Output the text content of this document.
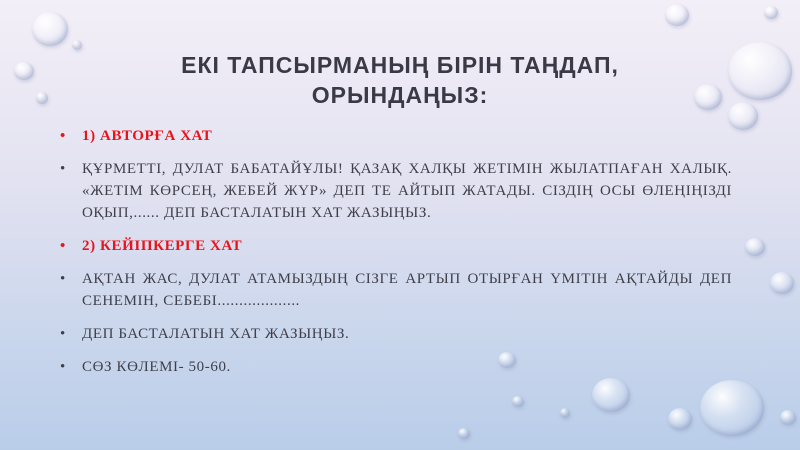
ЕКІ ТАПСЫРМАНЫҢ БІРІН ТАҢДАП, ОРЫНДАҢЫЗ:
• 1) АВТОРҒА ХАТ
• ҚҰРМЕТТІ, ДУЛАТ БАБАТАЙҰЛЫ! ҚАЗАҚ ХАЛҚЫ ЖЕТІМІН ЖЫЛАТПАҒАН ХАЛЫҚ. «ЖЕТІМ КӨРСЕҢ, ЖЕБЕЙ ЖҮР» ДЕП ТЕ АЙТЫП ЖАТАДЫ. СІЗДІҢ ОСЫ ӨЛЕҢІҢІЗДІ ОҚЫП,...... ДЕП БАСТАЛАТЫН ХАТ ЖАЗЫҢЫЗ.
• 2) КЕЙІПКЕРГЕ ХАТ
• АҚТАН ЖАС, ДУЛАТ АТАМЫЗДЫҢ СІЗГЕ АРТЫП ОТЫРҒАН ҮМІТІН АҚТАЙДЫ ДЕП СЕНЕМІН, СЕБЕБІ...................
• ДЕП БАСТАЛАТЫН ХАТ ЖАЗЫҢЫЗ.
• СӨЗ КӨЛЕМІ- 50-60.
